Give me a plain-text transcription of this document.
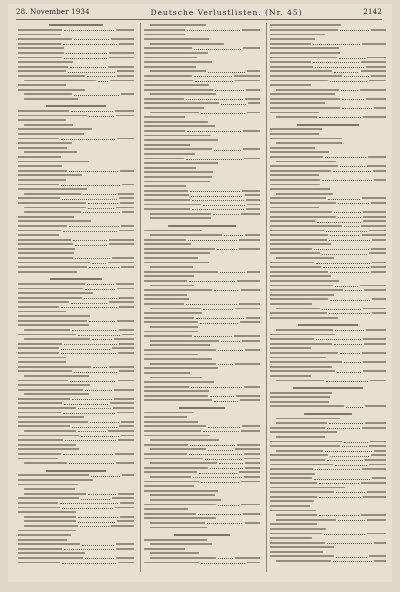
28. November 1934	Deutsche Verlustlisten. (Nr. 45)	2142
